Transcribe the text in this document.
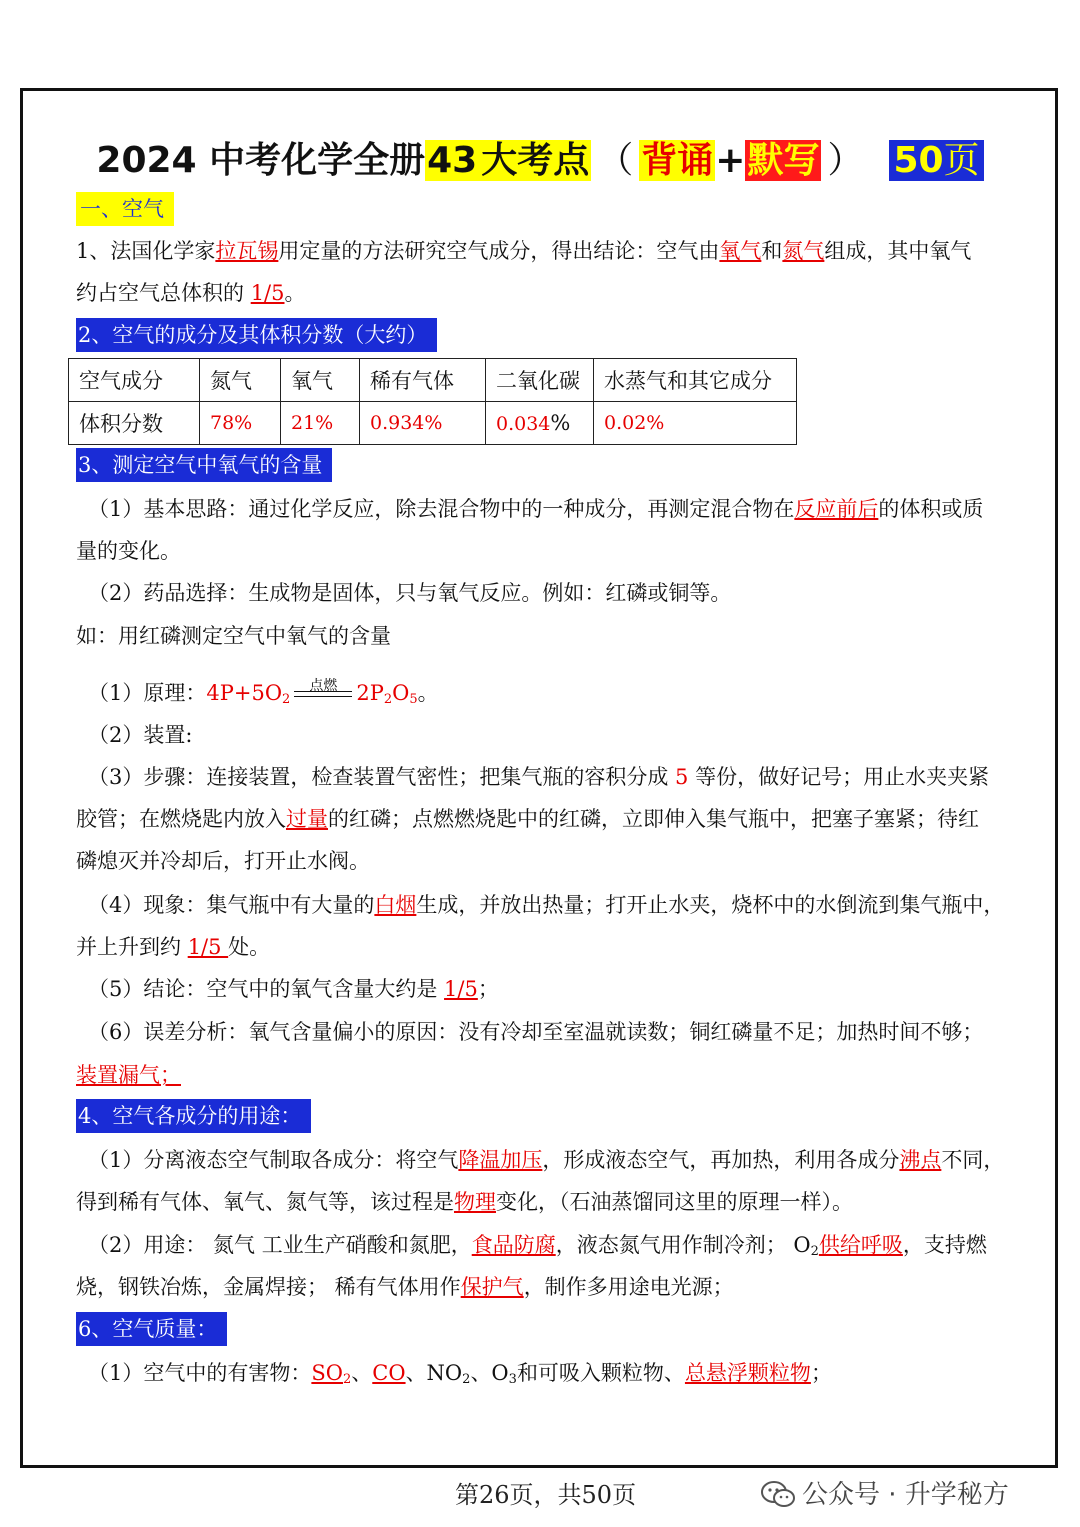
2024 中考化学全册43 大考点 （ 背诵+默写 ） 50页
一、空气
1、法国化学家拉瓦锡用定量的方法研究空气成分，得出结论：空气由氧气和氮气组成，其中氧气
约占空气总体积的 1/5。
2、空气的成分及其体积分数（大约）
空气成分	氮气	氧气	稀有气体	二氧化碳	水蒸气和其它成分
体积分数	78%	21%	0.934%	0.034%	0.02%
3、测定空气中氧气的含量
（1）基本思路：通过化学反应，除去混合物中的一种成分，再测定混合物在反应前后的体积或质
量的变化。
（2）药品选择：生成物是固体，只与氧气反应。例如：红磷或铜等。
如：用红磷测定空气中氧气的含量
（1）原理：$4P+5O_2$
点燃 $2P_2O_5$。
（2）装置:
（3）步骤：连接装置，检查装置气密性；把集气瓶的容积分成 5 等份，做好记号；用止水夹夹紧
胶管；在燃烧匙内放入过量的红磷；点燃燃烧匙中的红磷，立即伸入集气瓶中，把塞子塞紧；待红
磷熄灭并冷却后，打开止水阀。
（4）现象：集气瓶中有大量的白烟生成，并放出热量；打开止水夹，烧杯中的水倒流到集气瓶中，
并上升到约 1/5 处。
（5）结论：空气中的氧气含量大约是 1/5；
（6）误差分析：氧气含量偏小的原因：没有冷却至室温就读数；铜红磷量不足；加热时间不够；
装置漏气；
4、空气各成分的用途：
（1）分离液态空气制取各成分：将空气降温加压，形成液态空气，再加热，利用各成分沸点不同，
得到稀有气体、氧气、氮气等，该过程是物理变化，（石油蒸馏同这里的原理一样）。
（2）用途： 氮气 工业生产硝酸和氮肥，食品防腐，液态氮气用作制冷剂； $O_2$供给呼吸，支持燃
烧，钢铁冶炼，金属焊接； 稀有气体用作保护气，制作多用途电光源；
6、空气质量：
（1）空气中的有害物：$SO_2$、CO、$NO_2$、$O_3$和可吸入颗粒物、总悬浮颗粒物；
第26页，共50页	公众号 · 升学秘方
